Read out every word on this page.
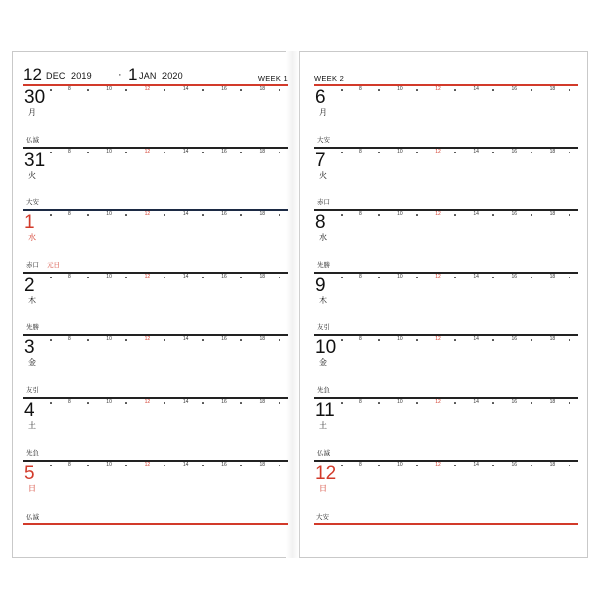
12 DEC  2019 · 1 JAN  2020	WEEK 1	WEEK 2
8	10	12	14	16	18
30
月
仏滅
8	10	12	14	16	18
31
火
大安
8	10	12	14	16	18
1
水
赤口 元日
8	10	12	14	16	18
2
木
先勝
8	10	12	14	16	18
3
金
友引
8	10	12	14	16	18
4
土
先負
8	10	12	14	16	18
5
日
8	10	12	14	16	18
6
月
大安
8	10	12	14	16	18
7
火
赤口
8	10	12	14	16	18
8
水
先勝
8	10	12	14	16	18
9
木
友引
8	10	12	14	16	18
10
金
先負
8	10	12	14	16	18
11
土
仏滅
8	10	12	14	16	18
12
日
仏滅	大安
